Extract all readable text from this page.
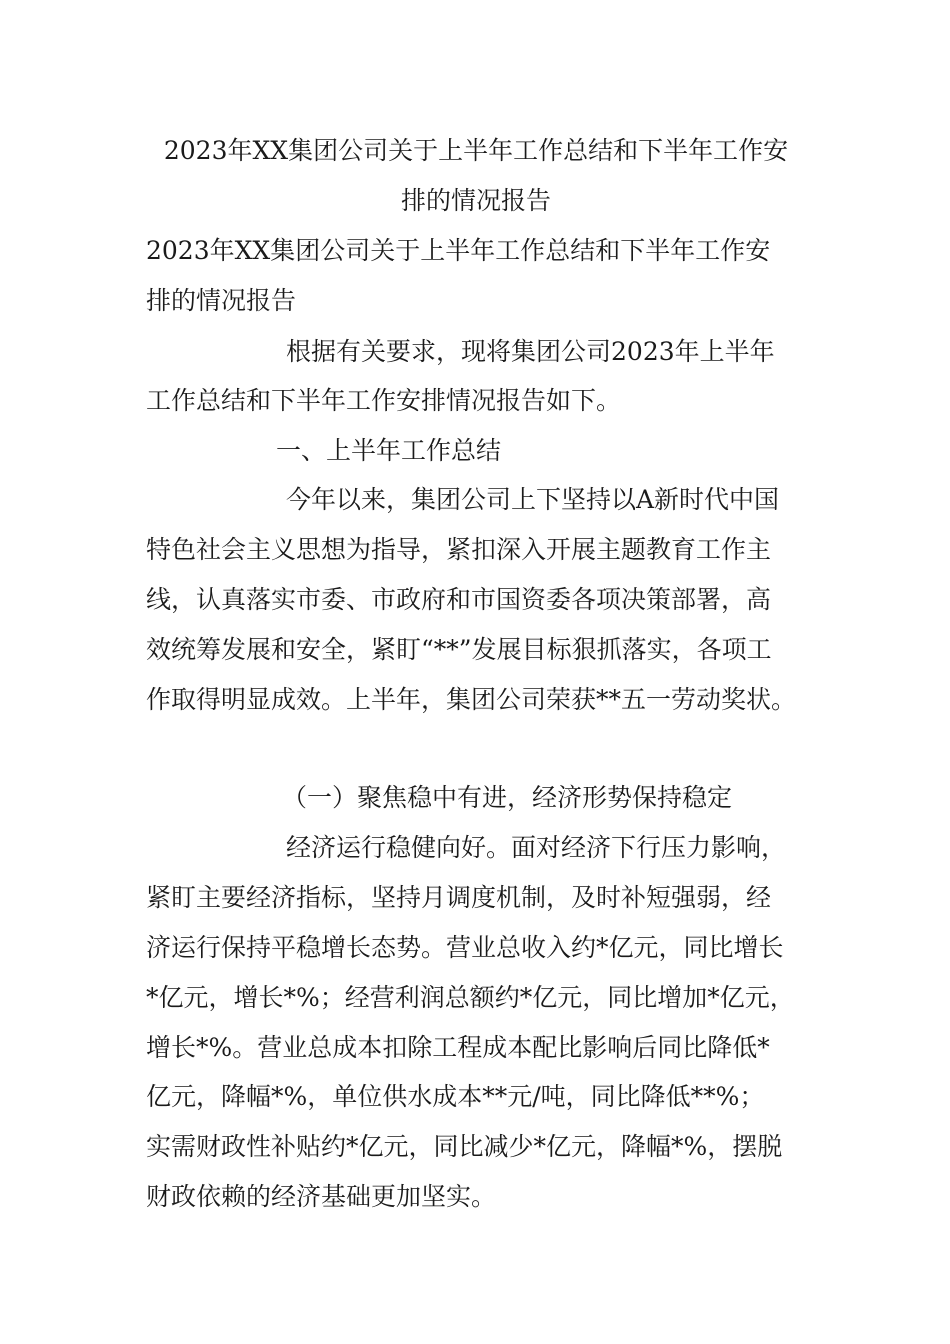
2023年XX集团公司关于上半年工作总结和下半年工作安
排的情况报告
2023年XX集团公司关于上半年工作总结和下半年工作安
排的情况报告
根据有关要求，现将集团公司2023年上半年
工作总结和下半年工作安排情况报告如下。
一、上半年工作总结
今年以来，集团公司上下坚持以A新时代中国
特色社会主义思想为指导，紧扣深入开展主题教育工作主
线，认真落实市委、市政府和市国资委各项决策部署，高
效统筹发展和安全，紧盯“**”发展目标狠抓落实，各项工
作取得明显成效。上半年，集团公司荣获**五一劳动奖状。
（一）聚焦稳中有进，经济形势保持稳定
经济运行稳健向好。面对经济下行压力影响，
紧盯主要经济指标，坚持月调度机制，及时补短强弱，经
济运行保持平稳增长态势。营业总收入约*亿元，同比增长
*亿元，增长*%；经营利润总额约*亿元，同比增加*亿元，
增长*%。营业总成本扣除工程成本配比影响后同比降低*
亿元，降幅*%，单位供水成本**元/吨，同比降低**%；
实需财政性补贴约*亿元，同比减少*亿元，降幅*%，摆脱
财政依赖的经济基础更加坚实。
